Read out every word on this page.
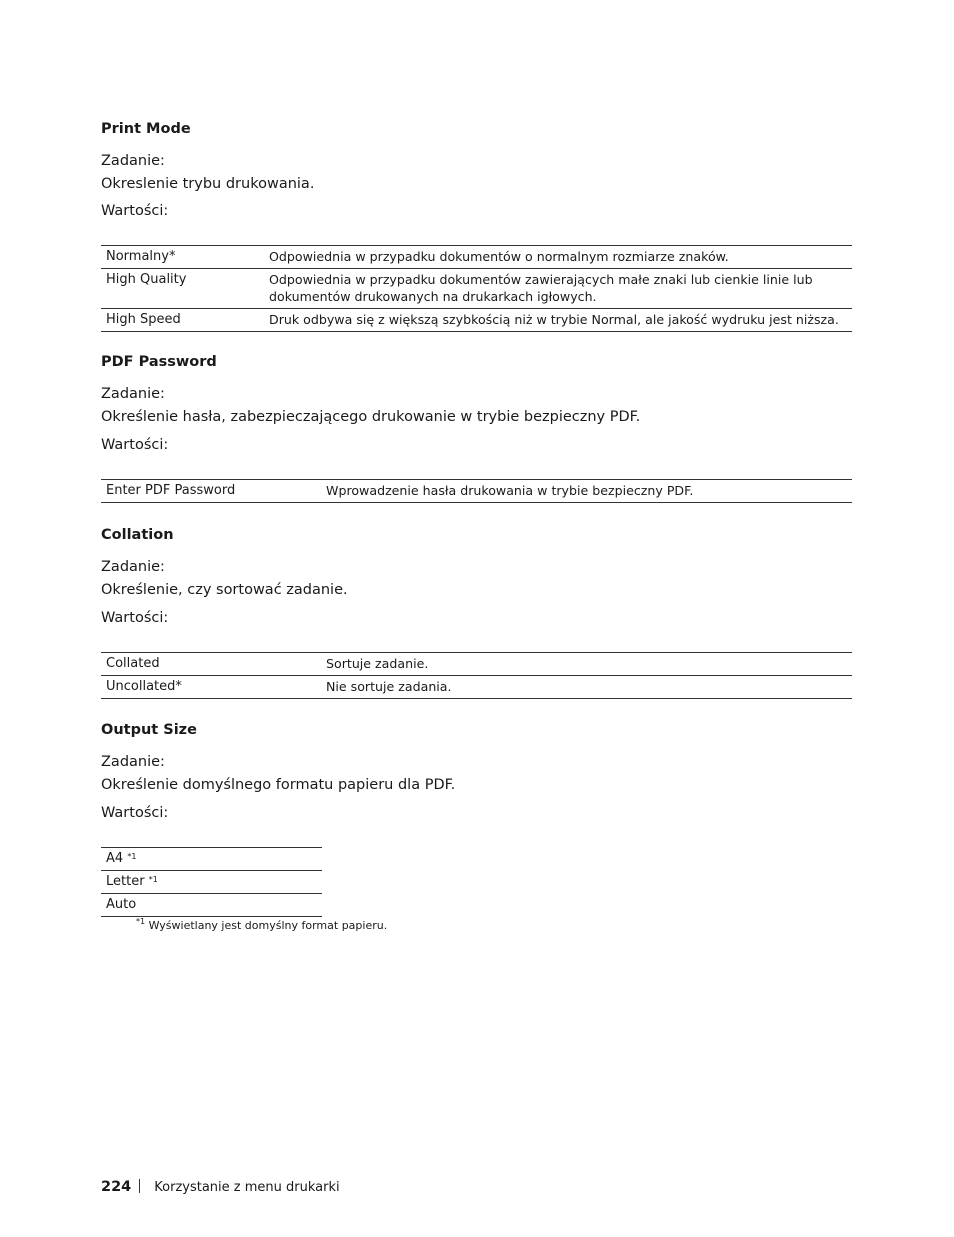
Print Mode
Zadanie:
Okreslenie trybu drukowania.
Wartości:
Normalny*	Odpowiednia w przypadku dokumentów o normalnym rozmiarze znaków.
High Quality	Odpowiednia w przypadku dokumentów zawierających małe znaki lub cienkie linie lub dokumentów drukowanych na drukarkach igłowych.
High Speed	Druk odbywa się z większą szybkością niż w trybie Normal, ale jakość wydruku jest niższa.
PDF Password
Zadanie:
Określenie hasła, zabezpieczającego drukowanie w trybie bezpieczny PDF.
Wartości:
Enter PDF Password	Wprowadzenie hasła drukowania w trybie bezpieczny PDF.
Collation
Zadanie:
Określenie, czy sortować zadanie.
Wartości:
Collated	Sortuje zadanie.
Uncollated*	Nie sortuje zadania.
Output Size
Zadanie:
Określenie domyślnego formatu papieru dla PDF.
Wartości:
A4 $^{*1}$
Letter $^{*1}$
Auto
$^{*1}$ Wyświetlany jest domyślny format papieru.
224 Korzystanie z menu drukarki
